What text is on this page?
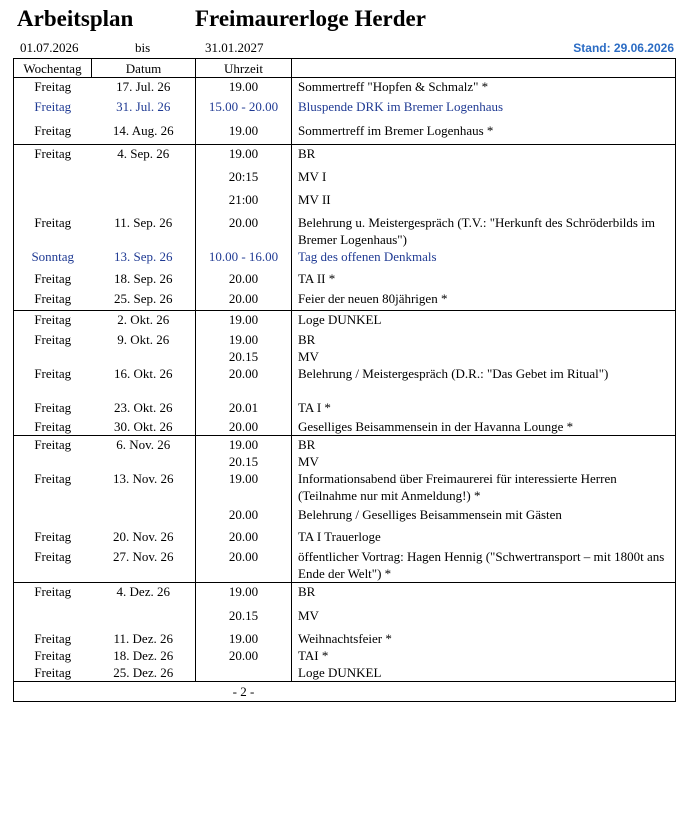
Arbeitsplan	Freimaurerloge Herder
01.07.2026	bis	31.01.2027	Stand: 29.06.2026
Wochentag	Datum	Uhrzeit	
Freitag	17. Jul. 26	19.00	Sommertreff "Hopfen & Schmalz" *
Freitag	31. Jul. 26	15.00 - 20.00	Bluspende DRK im Bremer Logenhaus
Freitag	14. Aug. 26	19.00	Sommertreff im Bremer Logenhaus *
Freitag	4. Sep. 26	19.00	BR
		20:15	MV I
		21:00	MV II
Freitag	11. Sep. 26	20.00	Belehrung u. Meistergespräch (T.V.: "Herkunft des Schröderbilds im Bremer Logenhaus")
Sonntag	13. Sep. 26	10.00 - 16.00	Tag des offenen Denkmals
Freitag	18. Sep. 26	20.00	TA II *
Freitag	25. Sep. 26	20.00	Feier der neuen 80jährigen *
Freitag	2. Okt. 26	19.00	Loge DUNKEL
Freitag	9. Okt. 26	19.00	BR
		20.15	MV
Freitag	16. Okt. 26	20.00	Belehrung / Meistergespräch (D.R.: "Das Gebet im Ritual")
Freitag	23. Okt. 26	20.01	TA I *
Freitag	30. Okt. 26	20.00	Geselliges Beisammensein in der Havanna Lounge *
Freitag	6. Nov. 26	19.00	BR
		20.15	MV
Freitag	13. Nov. 26	19.00	Informationsabend über Freimaurerei für interessierte Herren (Teilnahme nur mit Anmeldung!) *
		20.00	Belehrung / Geselliges Beisammensein mit Gästen
Freitag	20. Nov. 26	20.00	TA I Trauerloge
Freitag	27. Nov. 26	20.00	öffentlicher Vortrag: Hagen Hennig ("Schwertransport – mit 1800t ans Ende der Welt") *
Freitag	4. Dez. 26	19.00	BR
		20.15	MV
Freitag	11. Dez. 26	19.00	Weihnachtsfeier *
Freitag	18. Dez. 26	20.00	TAI *
Freitag	25. Dez. 26		Loge DUNKEL
		- 2 -	
